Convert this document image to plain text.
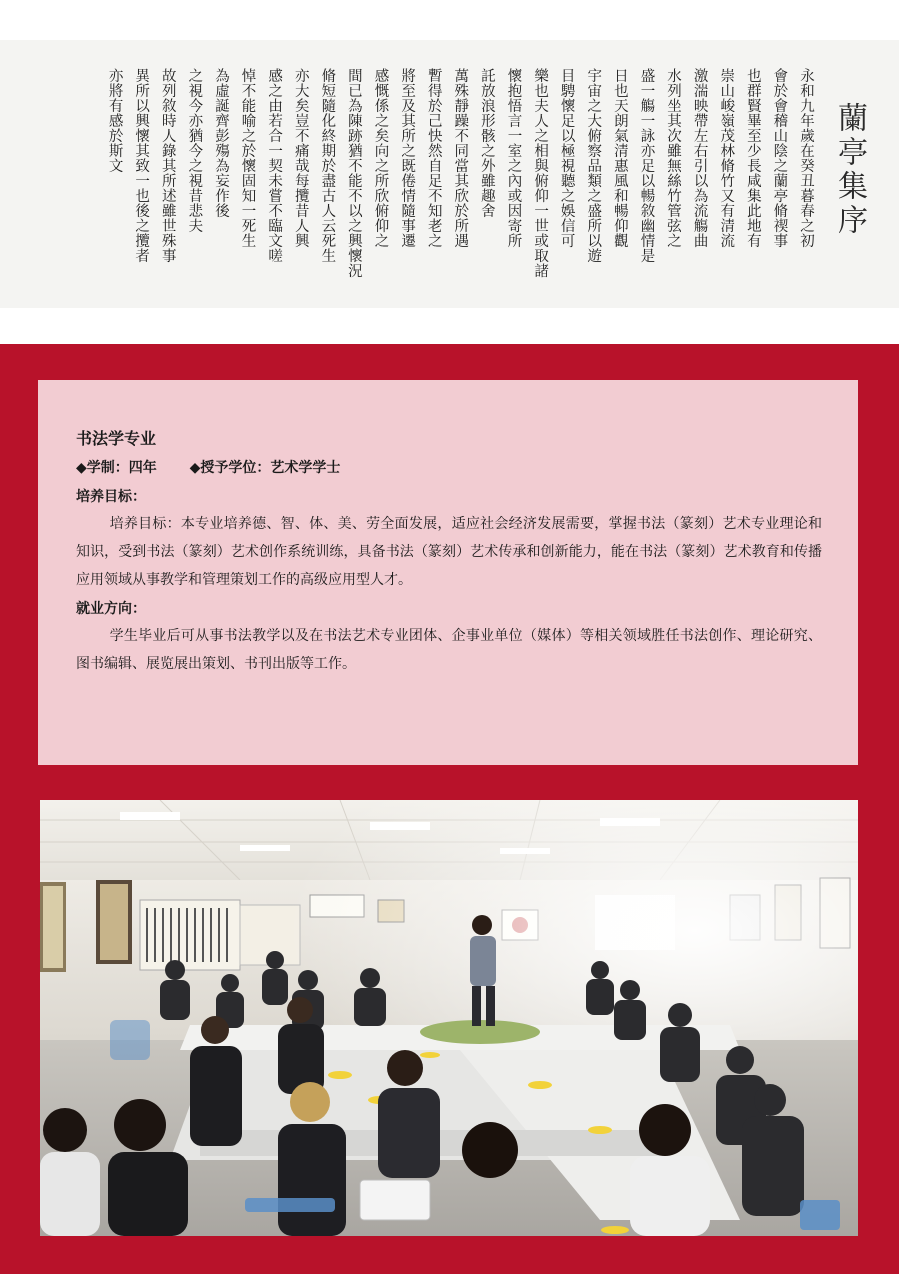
蘭亭集序
永和九年歲在癸丑暮春之初
會於會稽山陰之蘭亭脩禊事
也群賢畢至少長咸集此地有
崇山峻嶺茂林脩竹又有清流
激湍映帶左右引以為流觴曲
水列坐其次雖無絲竹管弦之
盛一觴一詠亦足以暢敘幽情是
日也天朗氣清惠風和暢仰觀
宇宙之大俯察品類之盛所以遊
目騁懷足以極視聽之娛信可
樂也夫人之相與俯仰一世或取諸
懷抱悟言一室之內或因寄所
託放浪形骸之外雖趣舍
萬殊靜躁不同當其欣於所遇
暫得於己快然自足不知老之
將至及其所之既倦情隨事遷
感慨係之矣向之所欣俯仰之
間已為陳跡猶不能不以之興懷況
脩短隨化終期於盡古人云死生
亦大矣豈不痛哉每攬昔人興
感之由若合一契未嘗不臨文嗟
悼不能喻之於懷固知一死生
為虛誕齊彭殤為妄作後
之視今亦猶今之視昔悲夫
故列敘時人錄其所述雖世殊事
異所以興懷其致一也後之攬者
亦將有感於斯文
书法学专业
◆学制：四年 ◆授予学位：艺术学学士
培养目标：
培养目标：本专业培养德、智、体、美、劳全面发展，适应社会经济发展需要，掌握书法（篆刻）艺术专业理论和知识，受到书法（篆刻）艺术创作系统训练，具备书法（篆刻）艺术传承和创新能力，能在书法（篆刻）艺术教育和传播应用领域从事教学和管理策划工作的高级应用型人才。
就业方向：
学生毕业后可从事书法教学以及在书法艺术专业团体、企事业单位（媒体）等相关领域胜任书法创作、理论研究、图书编辑、展览展出策划、书刊出版等工作。
